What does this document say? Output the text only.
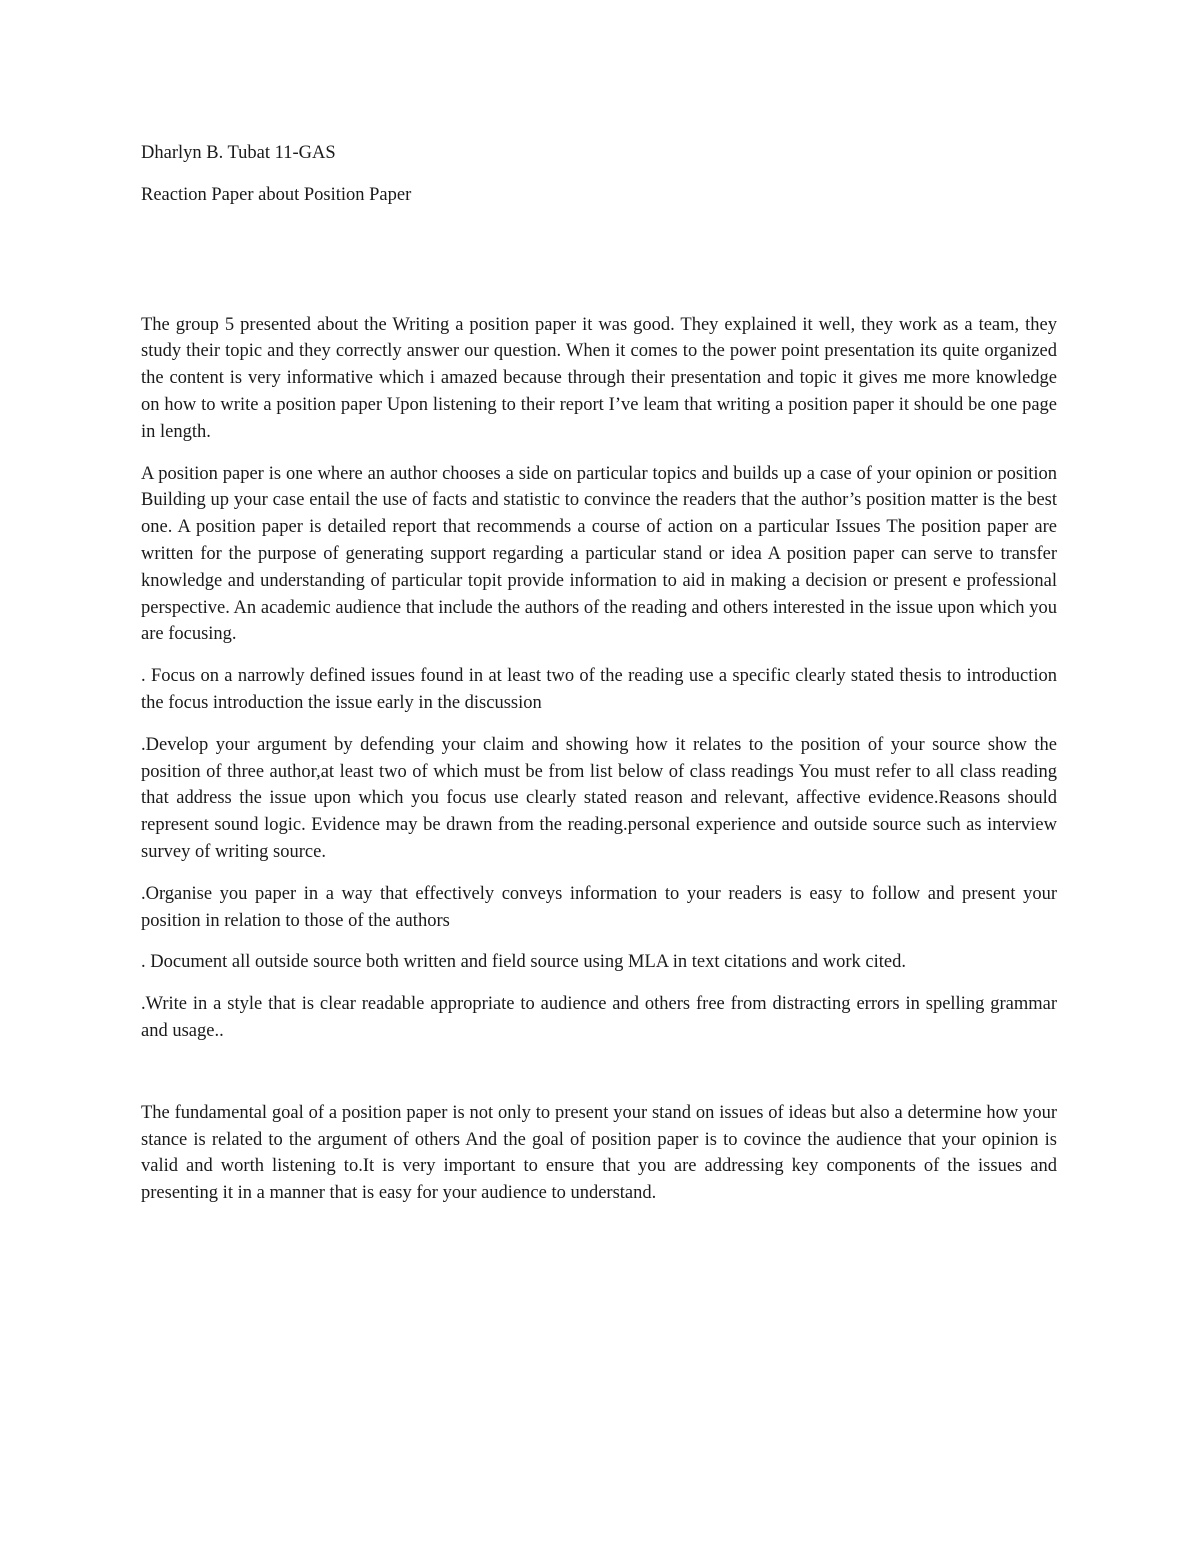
Dharlyn B. Tubat 11-GAS

Reaction Paper about Position Paper

The group 5 presented about the Writing a position paper it was good. They explained it well, they work as a team, they study their topic and they correctly answer our question. When it comes to the power point presentation its quite organized the content is very informative which i amazed because through their presentation and topic it gives me more knowledge on how to write a position paper Upon listening to their report I’ve leam that writing a position paper it should be one page in length.

A position paper is one where an author chooses a side on particular topics and builds up a case of your opinion or position Building up your case entail the use of facts and statistic to convince the readers that the author’s position matter is the best one. A position paper is detailed report that recommends a course of action on a particular Issues The position paper are written for the purpose of generating support regarding a particular stand or idea A position paper can serve to transfer knowledge and understanding of particular topit provide information to aid in making a decision or present e professional perspective. An academic audience that include the authors of the reading and others interested in the issue upon which you are focusing.

. Focus on a narrowly defined issues found in at least two of the reading use a specific clearly stated thesis to introduction the focus introduction the issue early in the discussion

.Develop your argument by defending your claim and showing how it relates to the position of your source show the position of three author,at least two of which must be from list below of class readings You must refer to all class reading that address the issue upon which you focus use clearly stated reason and relevant, affective evidence.Reasons should represent sound logic. Evidence may be drawn from the reading.personal experience and outside source such as interview survey of writing source.

.Organise you paper in a way that effectively conveys information to your readers is easy to follow and present your position in relation to those of the authors

. Document all outside source both written and field source using MLA in text citations and work cited.

.Write in a style that is clear readable appropriate to audience and others free from distracting errors in spelling grammar and usage..

The fundamental goal of a position paper is not only to present your stand on issues of ideas but also a determine how your stance is related to the argument of others And the goal of position paper is to covince the audience that your opinion is valid and worth listening to.It is very important to ensure that you are addressing key components of the issues and presenting it in a manner that is easy for your audience to understand.
